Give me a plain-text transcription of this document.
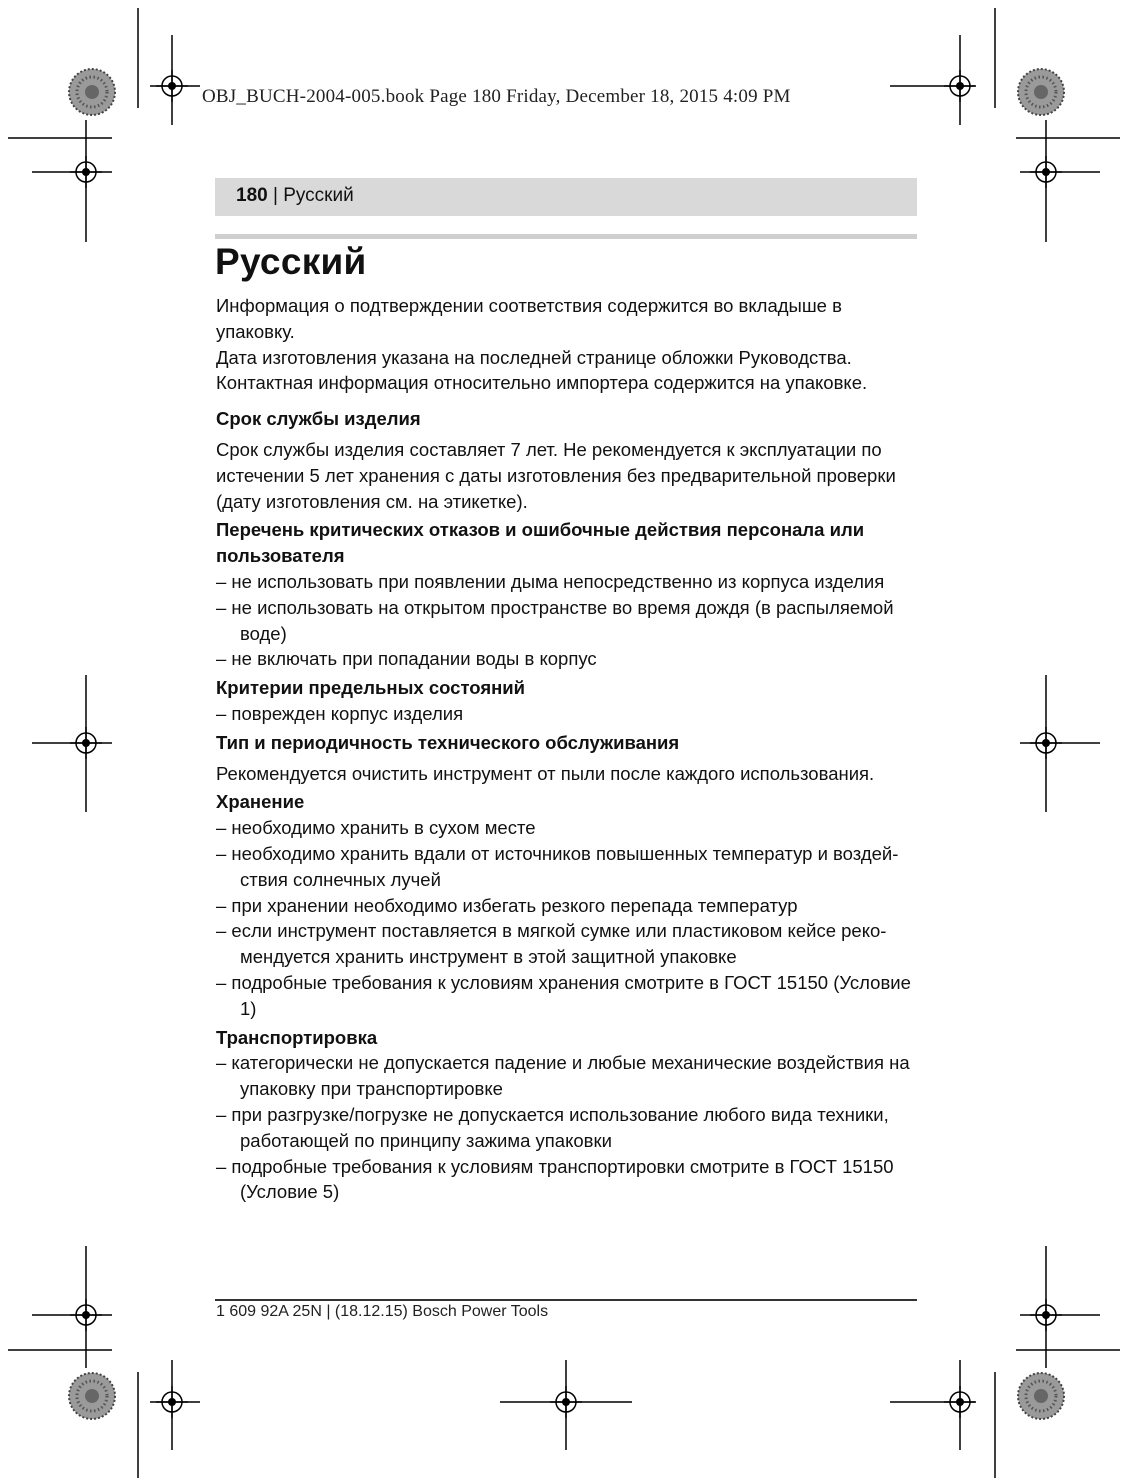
OBJ_BUCH-2004-005.book Page 180 Friday, December 18, 2015 4:09 PM
180 | Русский
Русский

Информация о подтверждении соответствия содержится во вкладыше в упаковку.

Дата изготовления указана на последней странице обложки Руководства.

Контактная информация относительно импортера содержится на упаковке.

Срок службы изделия

Срок службы изделия составляет 7 лет. Не рекомендуется к эксплуатации по истечении 5 лет хранения с даты изготовления без предварительной проверки (дату изготовления см. на этикетке).

Перечень критических отказов и ошибочные действия персонала или пользователя
– не использовать при появлении дыма непосредственно из корпуса изделия
– не использовать на открытом пространстве во время дождя (в распыляемой воде)
– не включать при попадании воды в корпус
Критерии предельных состояний
– поврежден корпус изделия
Тип и периодичность технического обслуживания

Рекомендуется очистить инструмент от пыли после каждого использования.

Хранение
– необходимо хранить в сухом месте
– необходимо хранить вдали от источников повышенных температур и воздействия солнечных лучей
– при хранении необходимо избегать резкого перепада температур
– если инструмент поставляется в мягкой сумке или пластиковом кейсе рекомендуется хранить инструмент в этой защитной упаковке
– подробные требования к условиям хранения смотрите в ГОСТ 15150 (Условие 1)
Транспортировка
– категорически не допускается падение и любые механические воздействия на упаковку при транспортировке
– при разгрузке/погрузке не допускается использование любого вида техники, работающей по принципу зажима упаковки
– подробные требования к условиям транспортировки смотрите в ГОСТ 15150 (Условие 5)
1 609 92A 25N | (18.12.15) Bosch Power Tools
